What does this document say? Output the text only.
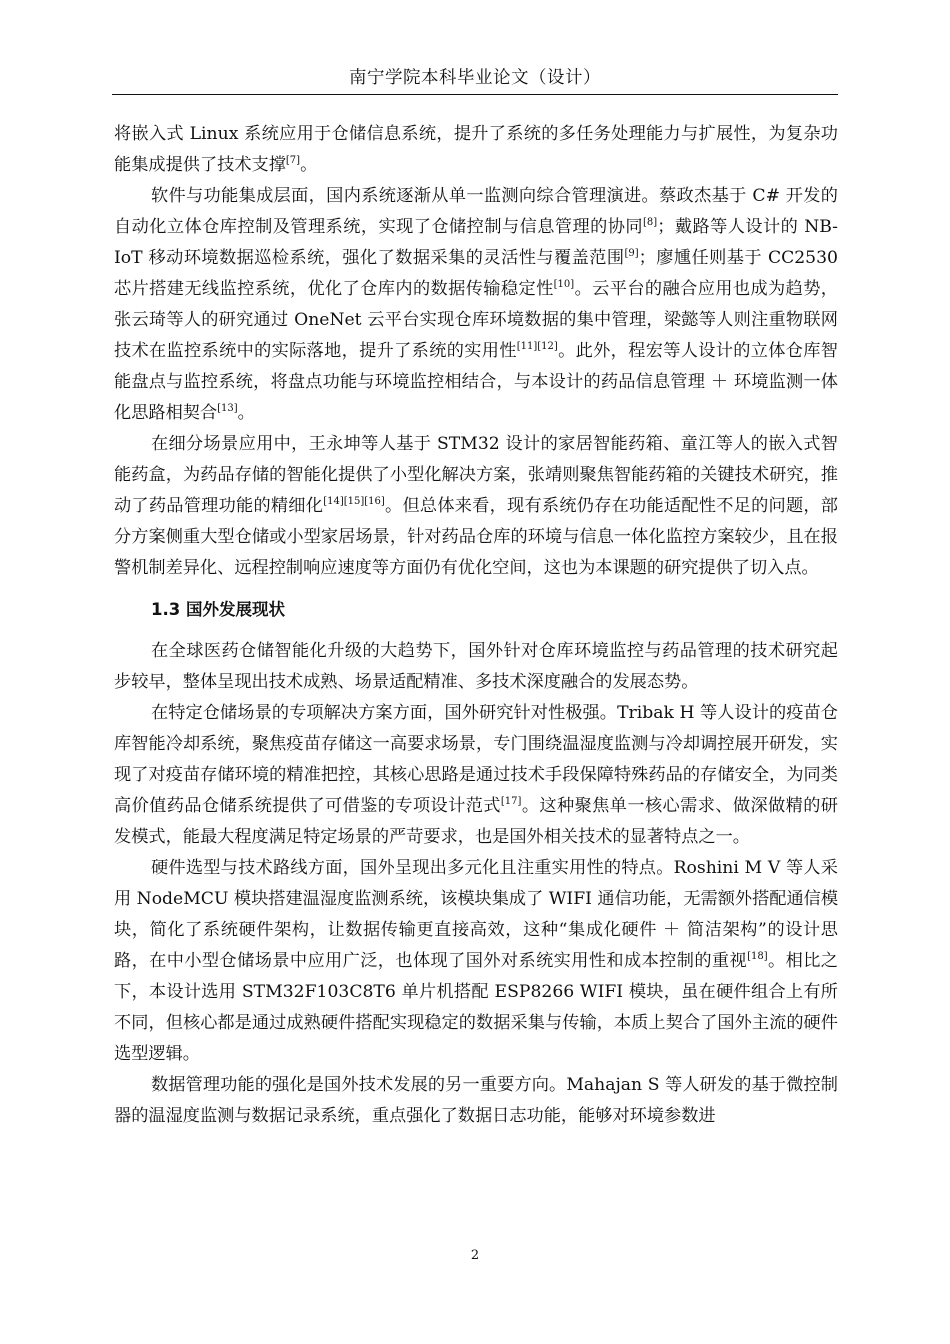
南宁学院本科毕业论文（设计）

将嵌入式 Linux 系统应用于仓储信息系统，提升了系统的多任务处理能力与扩展性，为复杂功能集成提供了技术支撑[7]。

软件与功能集成层面，国内系统逐渐从单一监测向综合管理演进。蔡政杰基于 C# 开发的自动化立体仓库控制及管理系统，实现了仓储控制与信息管理的协同[8]；戴路等人设计的 NB-IoT 移动环境数据巡检系统，强化了数据采集的灵活性与覆盖范围[9]；廖尰任则基于 CC2530 芯片搭建无线监控系统，优化了仓库内的数据传输稳定性[10]。云平台的融合应用也成为趋势，张云琦等人的研究通过 OneNet 云平台实现仓库环境数据的集中管理，梁懿等人则注重物联网技术在监控系统中的实际落地，提升了系统的实用性[11][12]。此外，程宏等人设计的立体仓库智能盘点与监控系统，将盘点功能与环境监控相结合，与本设计的药品信息管理 ＋ 环境监测一体化思路相契合[13]。

在细分场景应用中，王永坤等人基于 STM32 设计的家居智能药箱、童江等人的嵌入式智能药盒，为药品存储的智能化提供了小型化解决方案，张靖则聚焦智能药箱的关键技术研究，推动了药品管理功能的精细化[14][15][16]。但总体来看，现有系统仍存在功能适配性不足的问题，部分方案侧重大型仓储或小型家居场景，针对药品仓库的环境与信息一体化监控方案较少，且在报警机制差异化、远程控制响应速度等方面仍有优化空间，这也为本课题的研究提供了切入点。

1.3 国外发展现状

在全球医药仓储智能化升级的大趋势下，国外针对仓库环境监控与药品管理的技术研究起步较早，整体呈现出技术成熟、场景适配精准、多技术深度融合的发展态势。

在特定仓储场景的专项解决方案方面，国外研究针对性极强。Tribak H 等人设计的疫苗仓库智能冷却系统，聚焦疫苗存储这一高要求场景，专门围绕温湿度监测与冷却调控展开研发，实现了对疫苗存储环境的精准把控，其核心思路是通过技术手段保障特殊药品的存储安全，为同类高价值药品仓储系统提供了可借鉴的专项设计范式[17]。这种聚焦单一核心需求、做深做精的研发模式，能最大程度满足特定场景的严苛要求，也是国外相关技术的显著特点之一。

硬件选型与技术路线方面，国外呈现出多元化且注重实用性的特点。Roshini M V 等人采用 NodeMCU 模块搭建温湿度监测系统，该模块集成了 WIFI 通信功能，无需额外搭配通信模块，简化了系统硬件架构，让数据传输更直接高效，这种“集成化硬件 ＋ 简洁架构”的设计思路，在中小型仓储场景中应用广泛，也体现了国外对系统实用性和成本控制的重视[18]。相比之下，本设计选用 STM32F103C8T6 单片机搭配 ESP8266 WIFI 模块，虽在硬件组合上有所不同，但核心都是通过成熟硬件搭配实现稳定的数据采集与传输，本质上契合了国外主流的硬件选型逻辑。

数据管理功能的强化是国外技术发展的另一重要方向。Mahajan S 等人研发的基于微控制器的温湿度监测与数据记录系统，重点强化了数据日志功能，能够对环境参数进

2
